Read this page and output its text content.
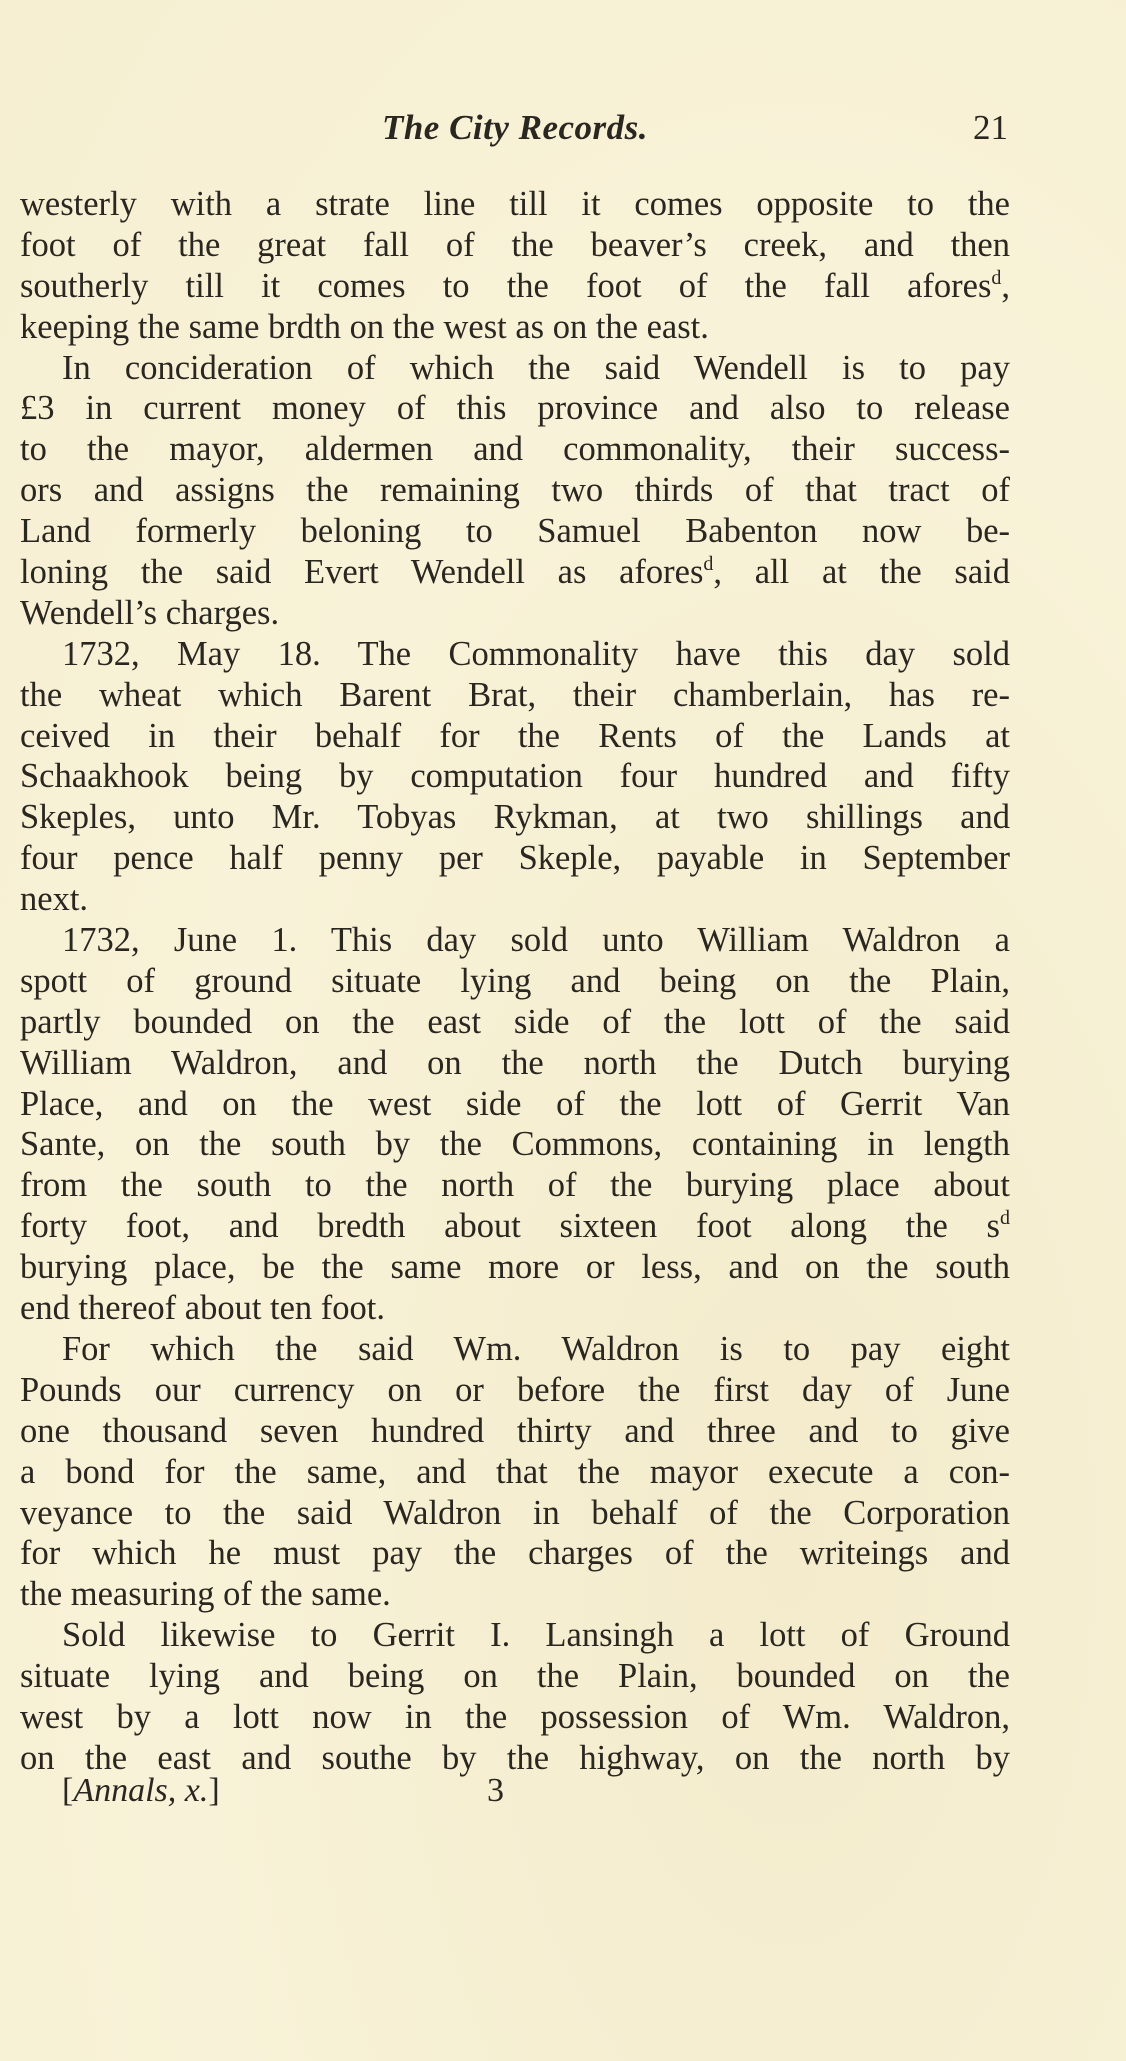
The City Records.	21
westerly with a strate line till it comes opposite to the
foot of the great fall of the beaver’s creek, and then
southerly till it comes to the foot of the fall afores$^d$,
keeping the same brdth on the west as on the east.
In concideration of which the said Wendell is to pay
£3 in current money of this province and also to release
to the mayor, aldermen and commonality, their success-
ors and assigns the remaining two thirds of that tract of
Land formerly beloning to Samuel Babenton now be-
loning the said Evert Wendell as afores$^d$, all at the said
Wendell’s charges.
1732, May 18. The Commonality have this day sold
the wheat which Barent Brat, their chamberlain, has re-
ceived in their behalf for the Rents of the Lands at
Schaakhook being by computation four hundred and fifty
Skeples, unto Mr. Tobyas Rykman, at two shillings and
four pence half penny per Skeple, payable in September
next.
1732, June 1. This day sold unto William Waldron a
spott of ground situate lying and being on the Plain,
partly bounded on the east side of the lott of the said
William Waldron, and on the north the Dutch burying
Place, and on the west side of the lott of Gerrit Van
Sante, on the south by the Commons, containing in length
from the south to the north of the burying place about
forty foot, and bredth about sixteen foot along the $s^d$
burying place, be the same more or less, and on the south
end thereof about ten foot.
For which the said Wm. Waldron is to pay eight
Pounds our currency on or before the first day of June
one thousand seven hundred thirty and three and to give
a bond for the same, and that the mayor execute a con-
veyance to the said Waldron in behalf of the Corporation
for which he must pay the charges of the writeings and
the measuring of the same.
Sold likewise to Gerrit I. Lansingh a lott of Ground
situate lying and being on the Plain, bounded on the
west by a lott now in the possession of Wm. Waldron,
on the east and southe by the highway, on the north by
[Annals, x.]	3
